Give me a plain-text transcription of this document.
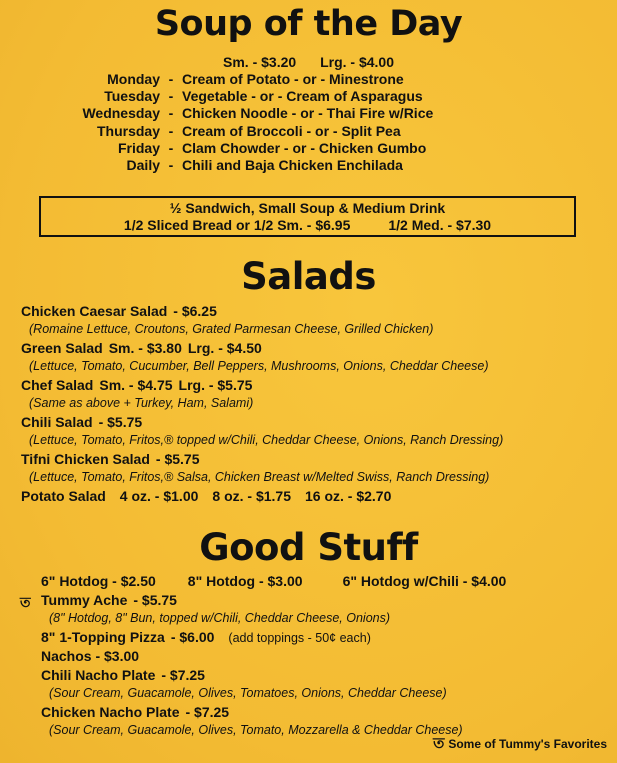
Soup of the Day
Sm. - $3.20 Lrg. - $4.00
Monday - Cream of Potato - or - Minestrone
Tuesday - Vegetable - or - Cream of Asparagus
Wednesday - Chicken Noodle - or - Thai Fire w/Rice
Thursday - Cream of Broccoli - or - Split Pea
Friday - Clam Chowder - or - Chicken Gumbo
Daily - Chili and Baja Chicken Enchilada
½ Sandwich, Small Soup & Medium Drink
1/2 Sliced Bread or 1/2 Sm. - $6.95	1/2 Med. - $7.30
Salads
Chicken Caesar Salad - $6.25
(Romaine Lettuce, Croutons, Grated Parmesan Cheese, Grilled Chicken)
Green Salad Sm. - $3.80 Lrg. - $4.50
(Lettuce, Tomato, Cucumber, Bell Peppers, Mushrooms, Onions, Cheddar Cheese)
Chef Salad Sm. - $4.75 Lrg. - $5.75
(Same as above + Turkey, Ham, Salami)
Chili Salad - $5.75
(Lettuce, Tomato, Fritos,® topped w/Chili, Cheddar Cheese, Onions, Ranch Dressing)
Tifni Chicken Salad - $5.75
(Lettuce, Tomato, Fritos,® Salsa, Chicken Breast w/Melted Swiss, Ranch Dressing)
Potato Salad 4 oz. - $1.00 8 oz. - $1.75 16 oz. - $2.70
Good Stuff
ত
6" Hotdog - $2.50 8" Hotdog - $3.00	6" Hotdog w/Chili - $4.00
Tummy Ache - $5.75
(8" Hotdog, 8" Bun, topped w/Chili, Cheddar Cheese, Onions)
8" 1-Topping Pizza - $6.00 (add toppings - 50¢ each)
Nachos - $3.00
Chili Nacho Plate - $7.25
(Sour Cream, Guacamole, Olives, Tomatoes, Onions, Cheddar Cheese)
Chicken Nacho Plate - $7.25
(Sour Cream, Guacamole, Olives, Tomato, Mozzarella & Cheddar Cheese)
ত Some of Tummy's Favorites
